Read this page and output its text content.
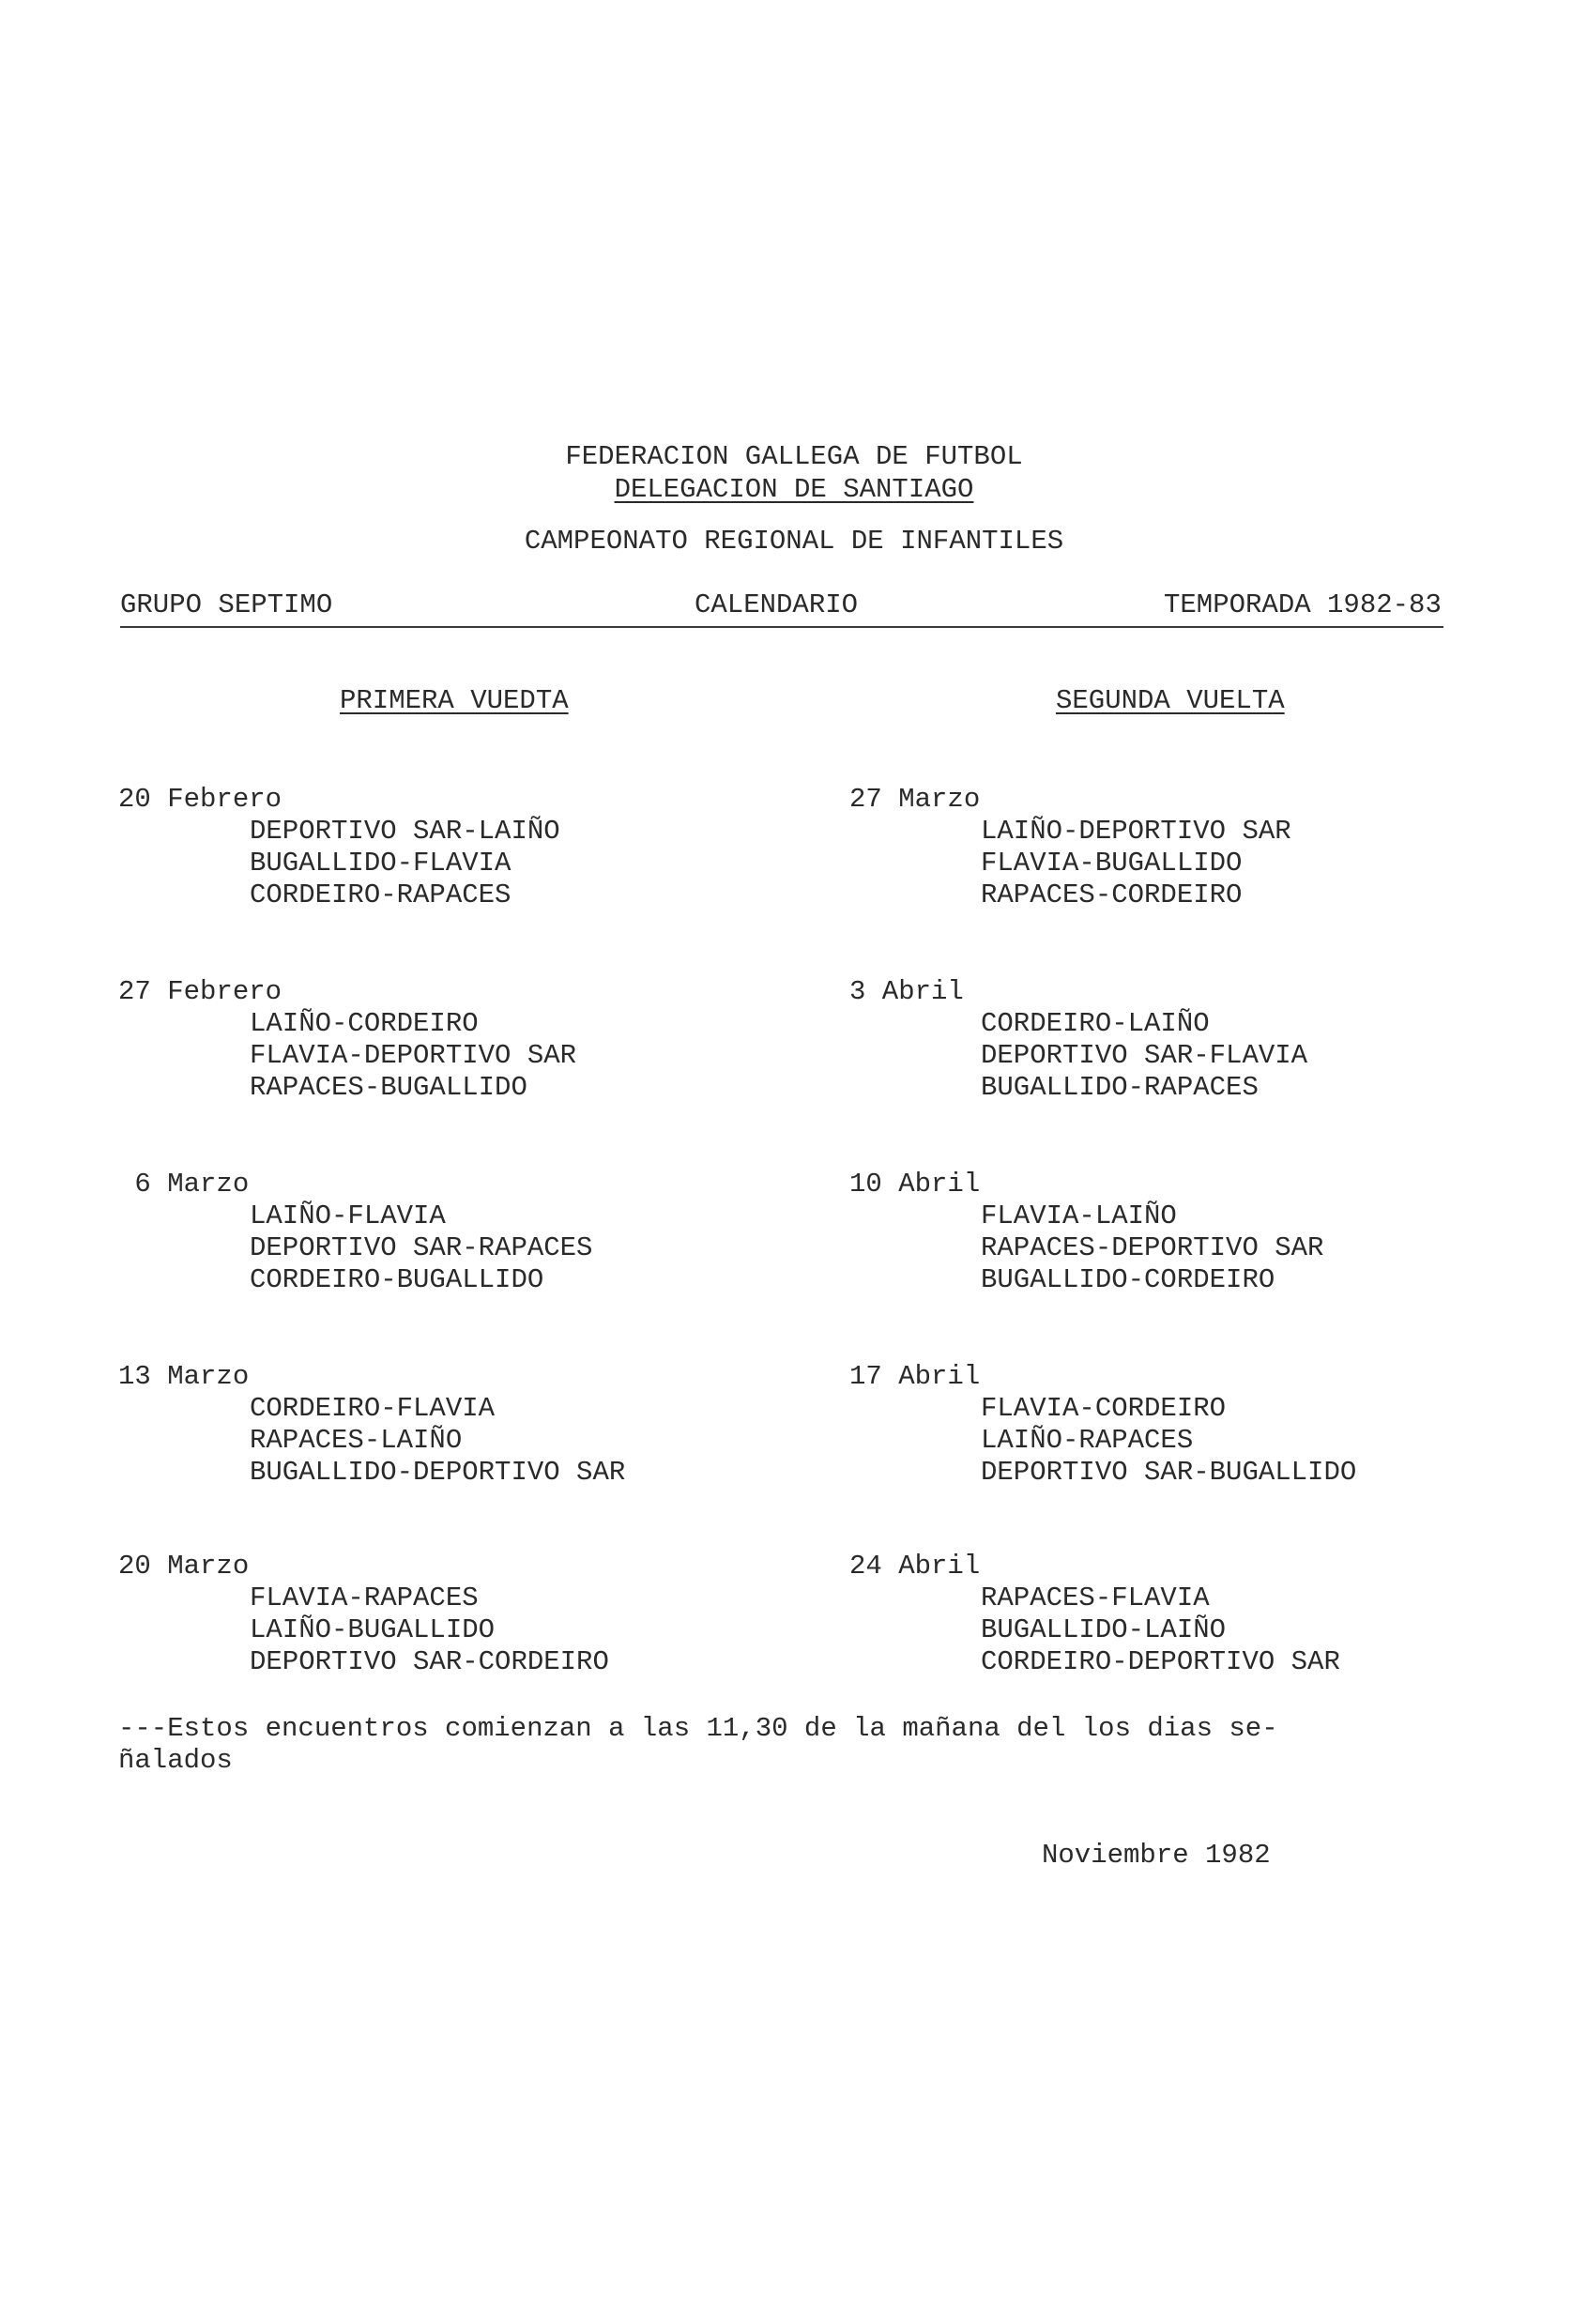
FEDERACION GALLEGA DE FUTBOL
DELEGACION DE SANTIAGO
CAMPEONATO REGIONAL DE INFANTILES
GRUPO SEPTIMO	CALENDARIO	TEMPORADA 1982-83
PRIMERA VUEDTA	SEGUNDA VUELTA
20 Febrero
DEPORTIVO SAR-LAIÑO
BUGALLIDO-FLAVIA
CORDEIRO-RAPACES
27 Febrero
LAIÑO-CORDEIRO
FLAVIA-DEPORTIVO SAR
RAPACES-BUGALLIDO
6 Marzo
LAIÑO-FLAVIA
DEPORTIVO SAR-RAPACES
CORDEIRO-BUGALLIDO
13 Marzo
CORDEIRO-FLAVIA
RAPACES-LAIÑO
BUGALLIDO-DEPORTIVO SAR
20 Marzo
FLAVIA-RAPACES
LAIÑO-BUGALLIDO
DEPORTIVO SAR-CORDEIRO
27 Marzo
LAIÑO-DEPORTIVO SAR
FLAVIA-BUGALLIDO
RAPACES-CORDEIRO
3 Abril
CORDEIRO-LAIÑO
DEPORTIVO SAR-FLAVIA
BUGALLIDO-RAPACES
10 Abril
FLAVIA-LAIÑO
RAPACES-DEPORTIVO SAR
BUGALLIDO-CORDEIRO
17 Abril
FLAVIA-CORDEIRO
LAIÑO-RAPACES
DEPORTIVO SAR-BUGALLIDO
24 Abril
RAPACES-FLAVIA
BUGALLIDO-LAIÑO
CORDEIRO-DEPORTIVO SAR
---Estos encuentros comienzan a las 11,30 de la mañana del los dias se-
ñalados
Noviembre 1982
